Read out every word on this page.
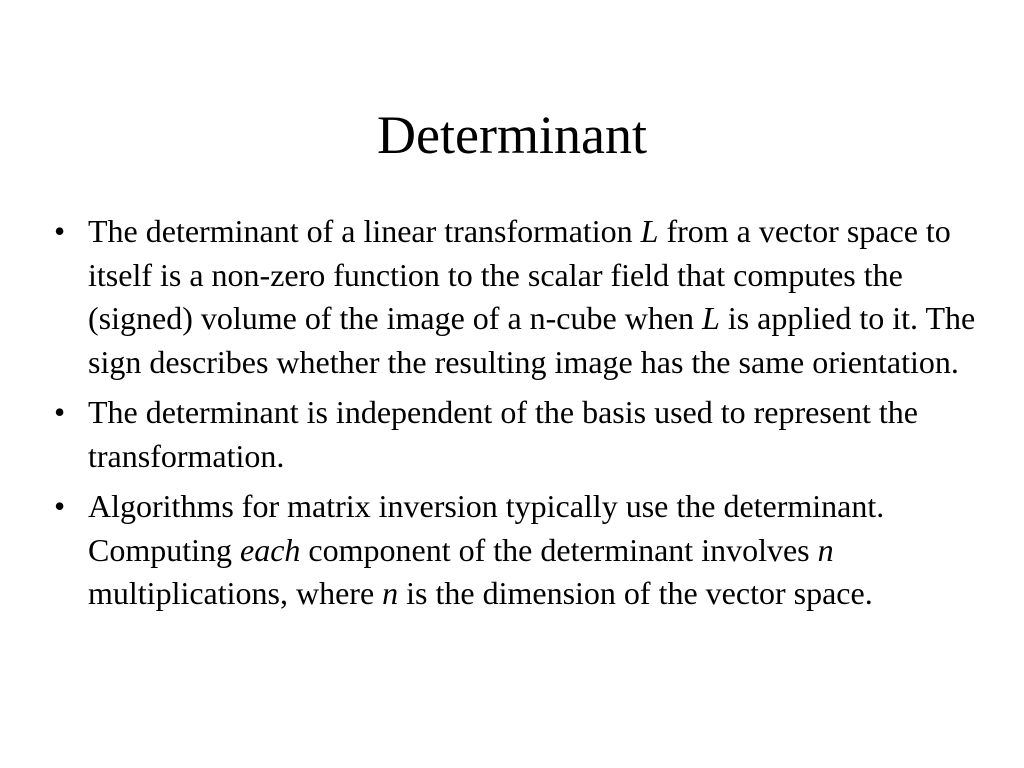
Determinant
• The determinant of a linear transformation L from a vector space to itself is a non-zero function to the scalar field that computes the (signed) volume of the image of a n-cube when L is applied to it. The sign describes whether the resulting image has the same orientation.
• The determinant is independent of the basis used to represent the transformation.
• Algorithms for matrix inversion typically use the determinant. Computing each component of the determinant involves n multiplications, where n is the dimension of the vector space.
